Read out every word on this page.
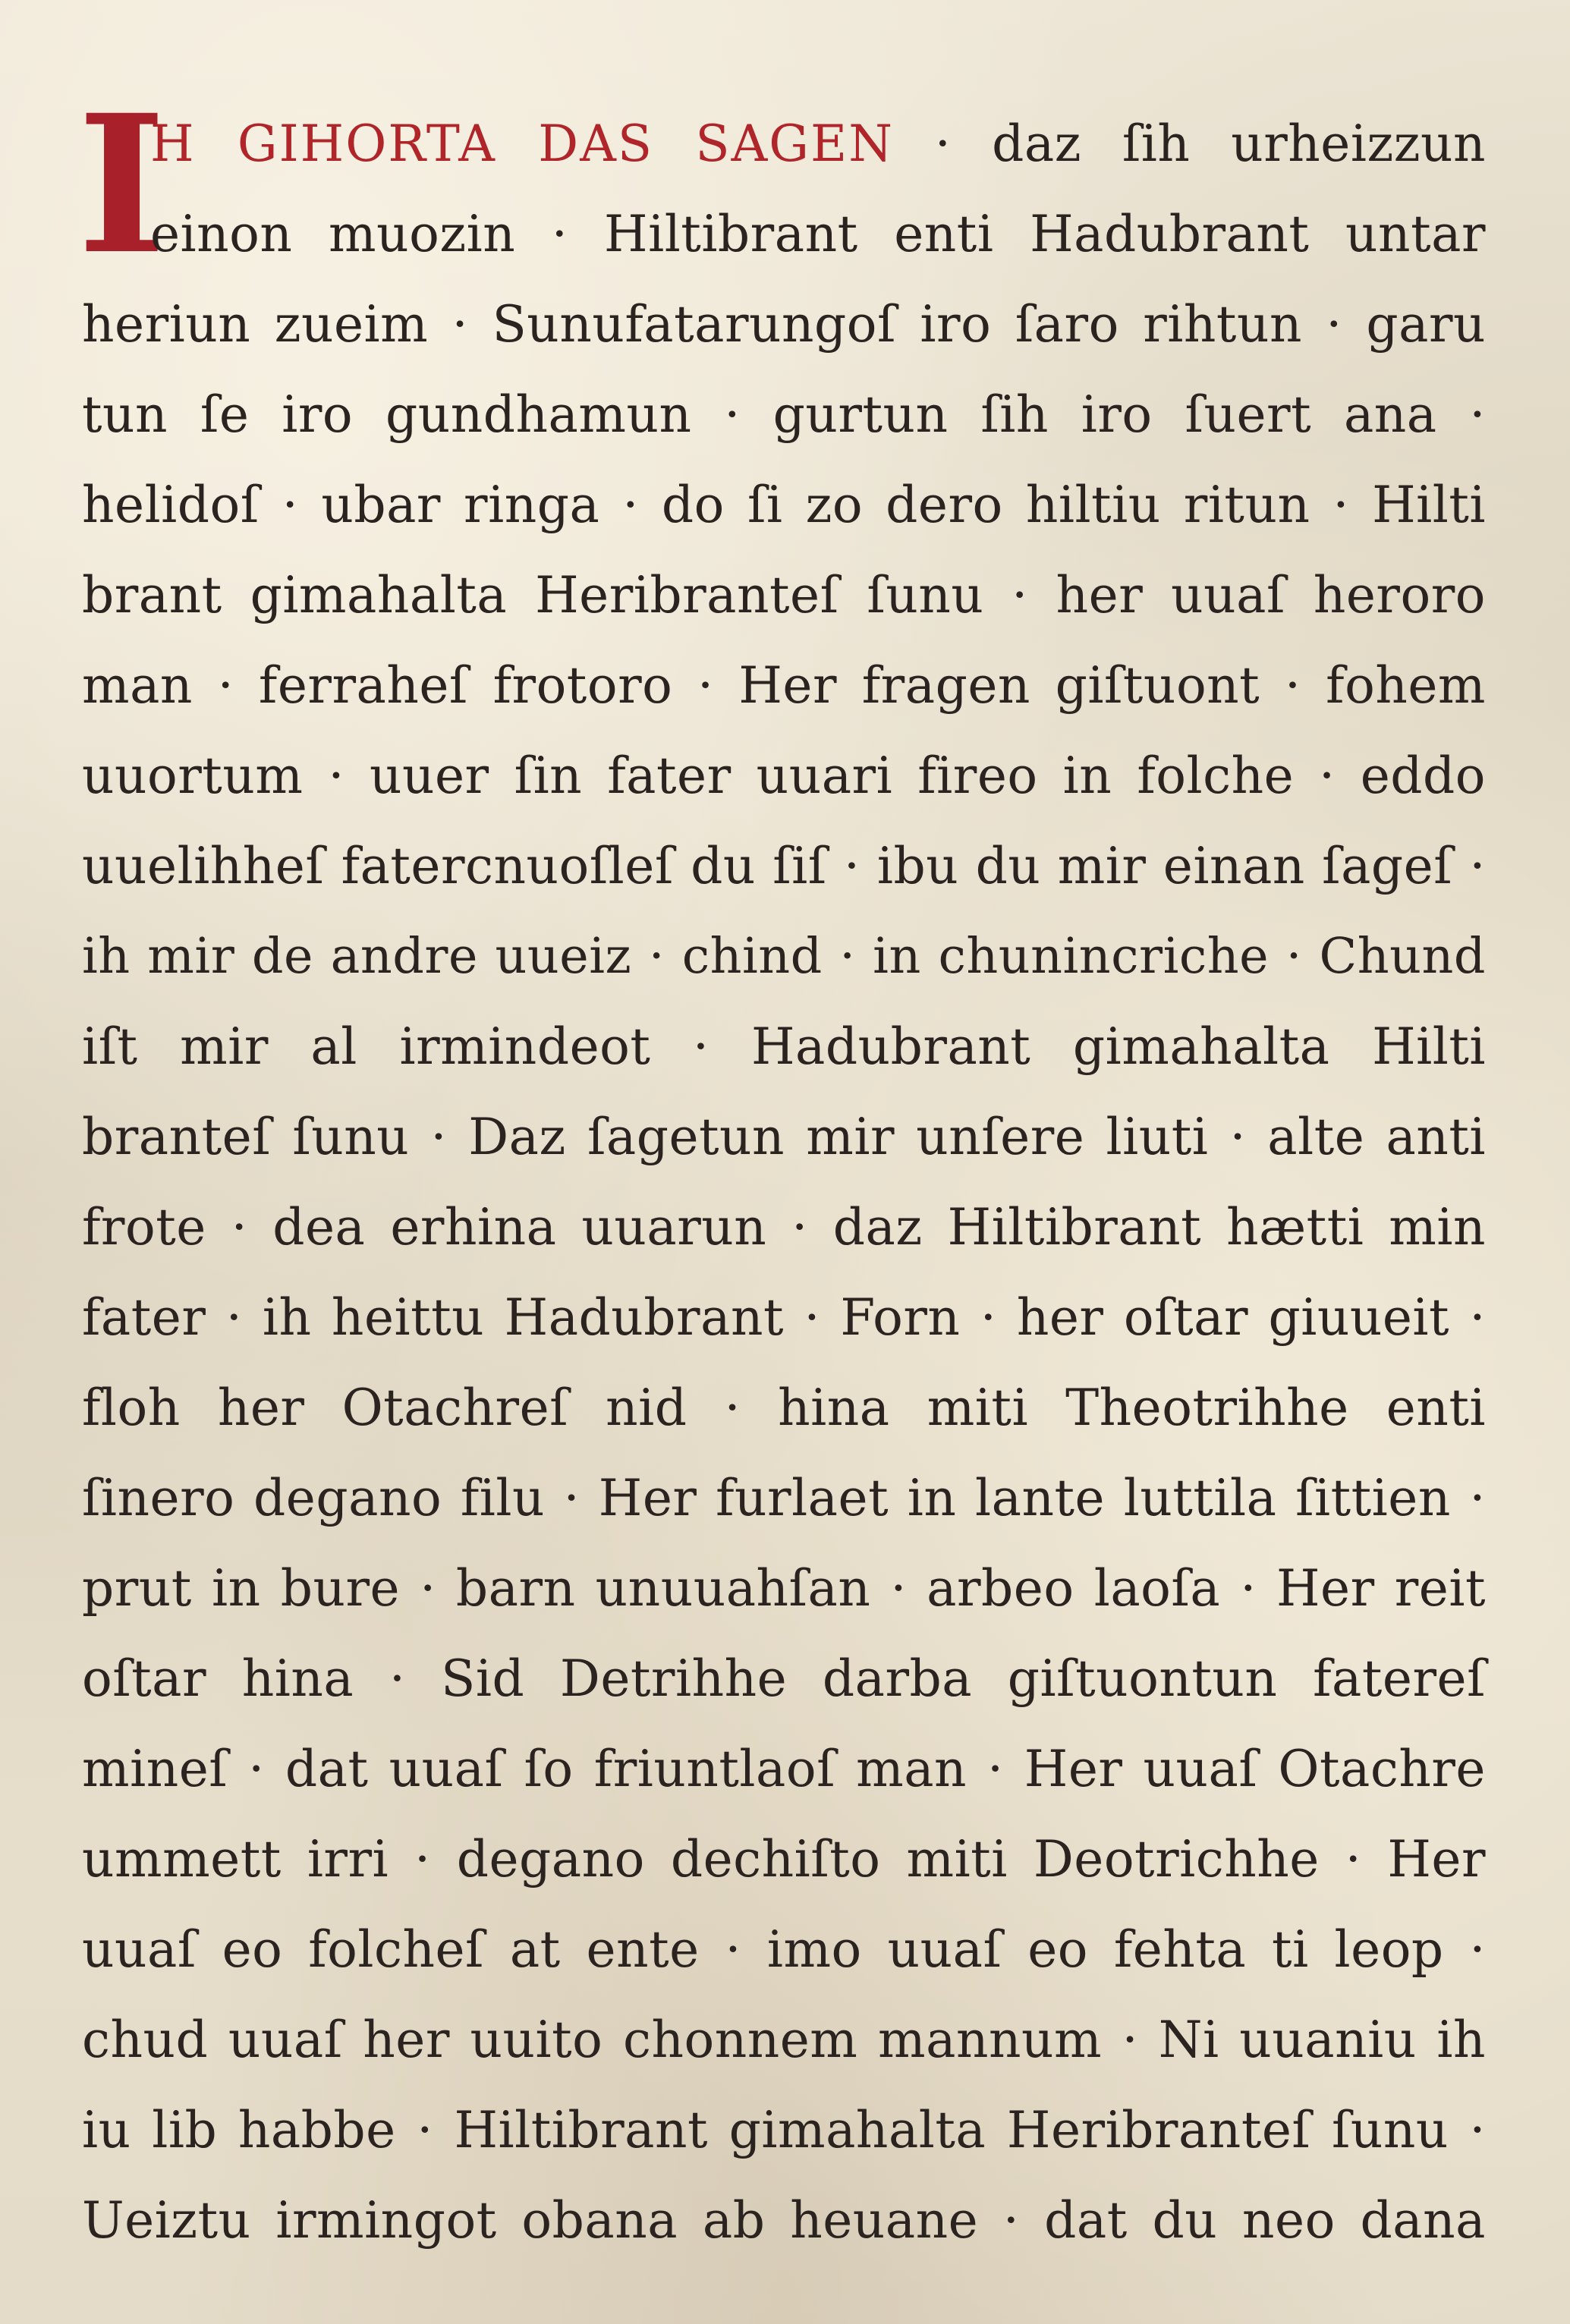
I
H GIHORTA DAS SAGEN · daz ſih urheizzun
einon muozin · Hiltibrant enti Hadubrant untar
heriun zueim · Sunufatarungoſ iro ſaro rihtun · garu
tun ſe iro gundhamun · gurtun ſih iro ſuert ana ·
helidoſ · ubar ringa · do ſi zo dero hiltiu ritun · Hilti
brant gimahalta Heribranteſ ſunu · her uuaſ heroro
man · ferraheſ frotoro · Her fragen giſtuont · fohem
uuortum · uuer ſin fater uuari fireo in folche · eddo
uuelihheſ fatercnuoſleſ du ſiſ · ibu du mir einan ſageſ ·
ih mir de andre uueiz · chind · in chunincriche · Chund
iſt mir al irmindeot · Hadubrant gimahalta Hilti
branteſ ſunu · Daz ſagetun mir unſere liuti · alte anti
frote · dea erhina uuarun · daz Hiltibrant hætti min
fater · ih heittu Hadubrant · Forn · her oſtar giuueit ·
floh her Otachreſ nid · hina miti Theotrihhe enti
ſinero degano filu · Her furlaet in lante luttila ſittien ·
prut in bure · barn unuuahſan · arbeo laoſa · Her reit
oſtar hina · Sid Detrihhe darba giſtuontun fatereſ
mineſ · dat uuaſ ſo friuntlaoſ man · Her uuaſ Otachre
ummett irri · degano dechiſto miti Deotrichhe · Her
uuaſ eo folcheſ at ente · imo uuaſ eo fehta ti leop ·
chud uuaſ her uuito chonnem mannum · Ni uuaniu ih
iu lib habbe · Hiltibrant gimahalta Heribranteſ ſunu ·
Ueiztu irmingot obana ab heuane · dat du neo dana
